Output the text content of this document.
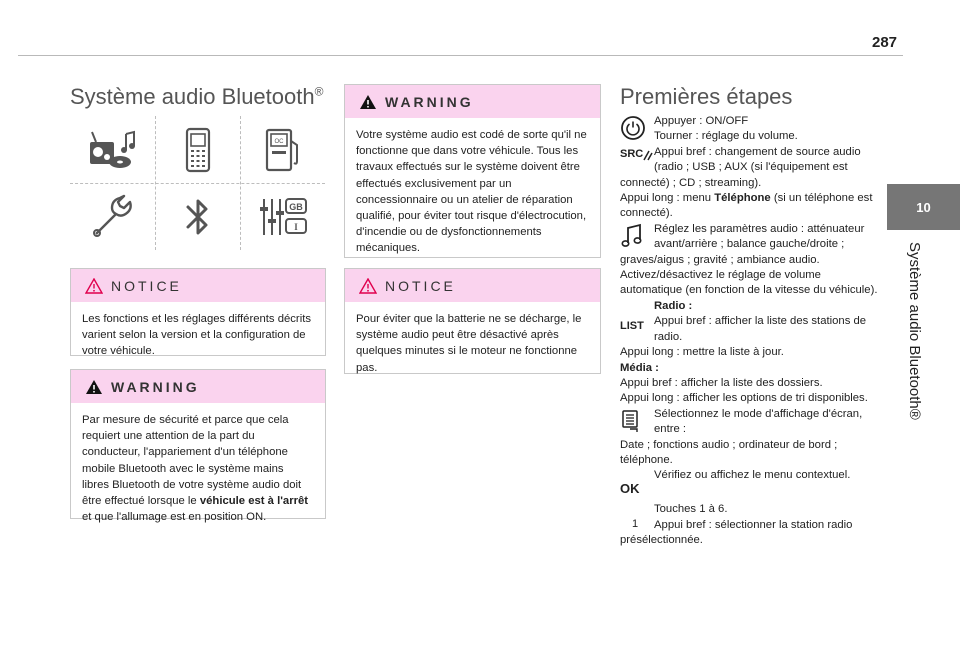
287
10
Système audio Bluetooth®
Système audio Bluetooth®
OC
GB
I
NOTICE
Les fonctions et les réglages différents décrits varient selon la version et la configuration de votre véhicule.
WARNING
Par mesure de sécurité et parce que cela requiert une attention de la part du conducteur, l'appariement d'un téléphone mobile Bluetooth avec le système mains libres Bluetooth de votre système audio doit être effectué lorsque le véhicule est à l'arrêt et que l'allumage est en position ON.
WARNING
Votre système audio est codé de sorte qu'il ne fonctionne que dans votre véhicule. Tous les travaux effectués sur le système doivent être effectués exclusivement par un concessionnaire ou un atelier de réparation qualifié, pour éviter tout risque d'électrocution, d'incendie ou de dysfonctionnements mécaniques.
NOTICE
Pour éviter que la batterie ne se décharge, le système audio peut être désactivé après quelques minutes si le moteur ne fonctionne pas.
Premières étapes

Appuyer : ON/OFF

Tourner : réglage du volume.

SRC Appui bref : changement de source audio (radio ; USB ; AUX (si l'équipement est connecté) ; CD ; streaming).

Appui long : menu Téléphone (si un téléphone est connecté).

Réglez les paramètres audio : atténuateur avant/arrière ; balance gauche/droite ; graves/aigus ; gravité ; ambiance audio.

Activez/désactivez le réglage de volume automatique (en fonction de la vitesse du véhicule).

LIST

Radio :

Appui bref : afficher la liste des stations de radio.

Appui long : mettre la liste à jour.

Média :

Appui bref : afficher la liste des dossiers.

Appui long : afficher les options de tri disponibles.

Sélectionnez le mode d'affichage d'écran, entre :

Date ; fonctions audio ; ordinateur de bord ; téléphone.

OK

Vérifiez ou affichez le menu contextuel.

1

Touches 1 à 6.

Appui bref : sélectionner la station radio présélectionnée.
